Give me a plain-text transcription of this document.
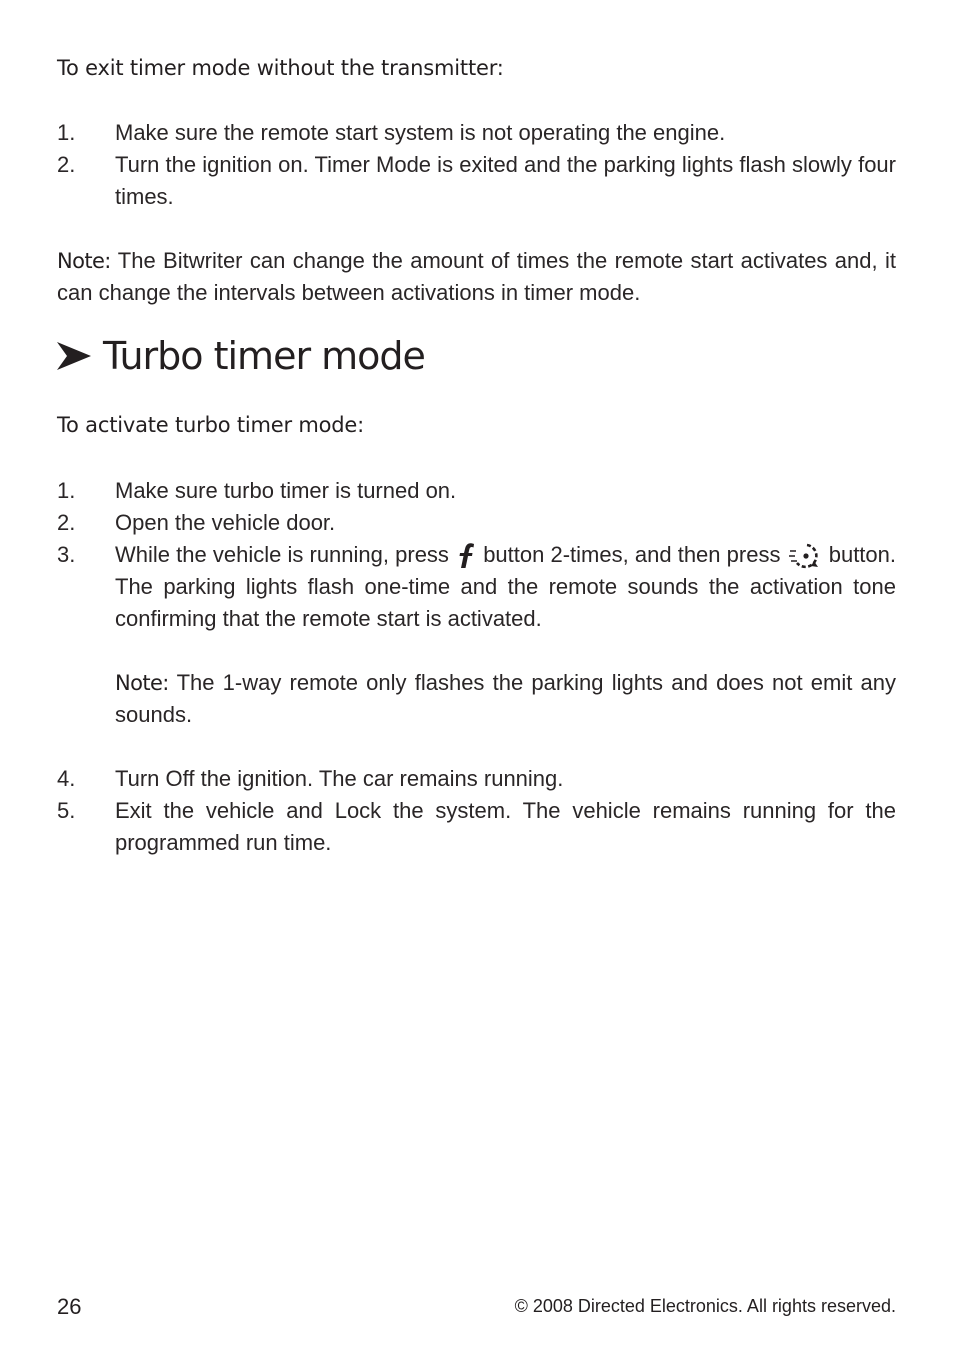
To exit timer mode without the transmitter:
1. Make sure the remote start system is not operating the engine.
2. Turn the ignition on. Timer Mode is exited and the parking lights flash slowly four times.
Note: The Bitwriter can change the amount of times the remote start activates and, it can change the intervals between activations in timer mode.
Turbo timer mode
To activate turbo timer mode:
1. Make sure turbo timer is turned on.
2. Open the vehicle door.
3. While the vehicle is running, press  button 2-times, and then press  button. The parking lights flash one-time and the remote sounds the activation tone confirming that the remote start is activated.
Note: The 1-way remote only flashes the parking lights and does not emit any sounds.
4. Turn Off the ignition. The car remains running.
5. Exit the vehicle and Lock the system. The vehicle remains running for the programmed run time.
26	© 2008 Directed Electronics. All rights reserved.
